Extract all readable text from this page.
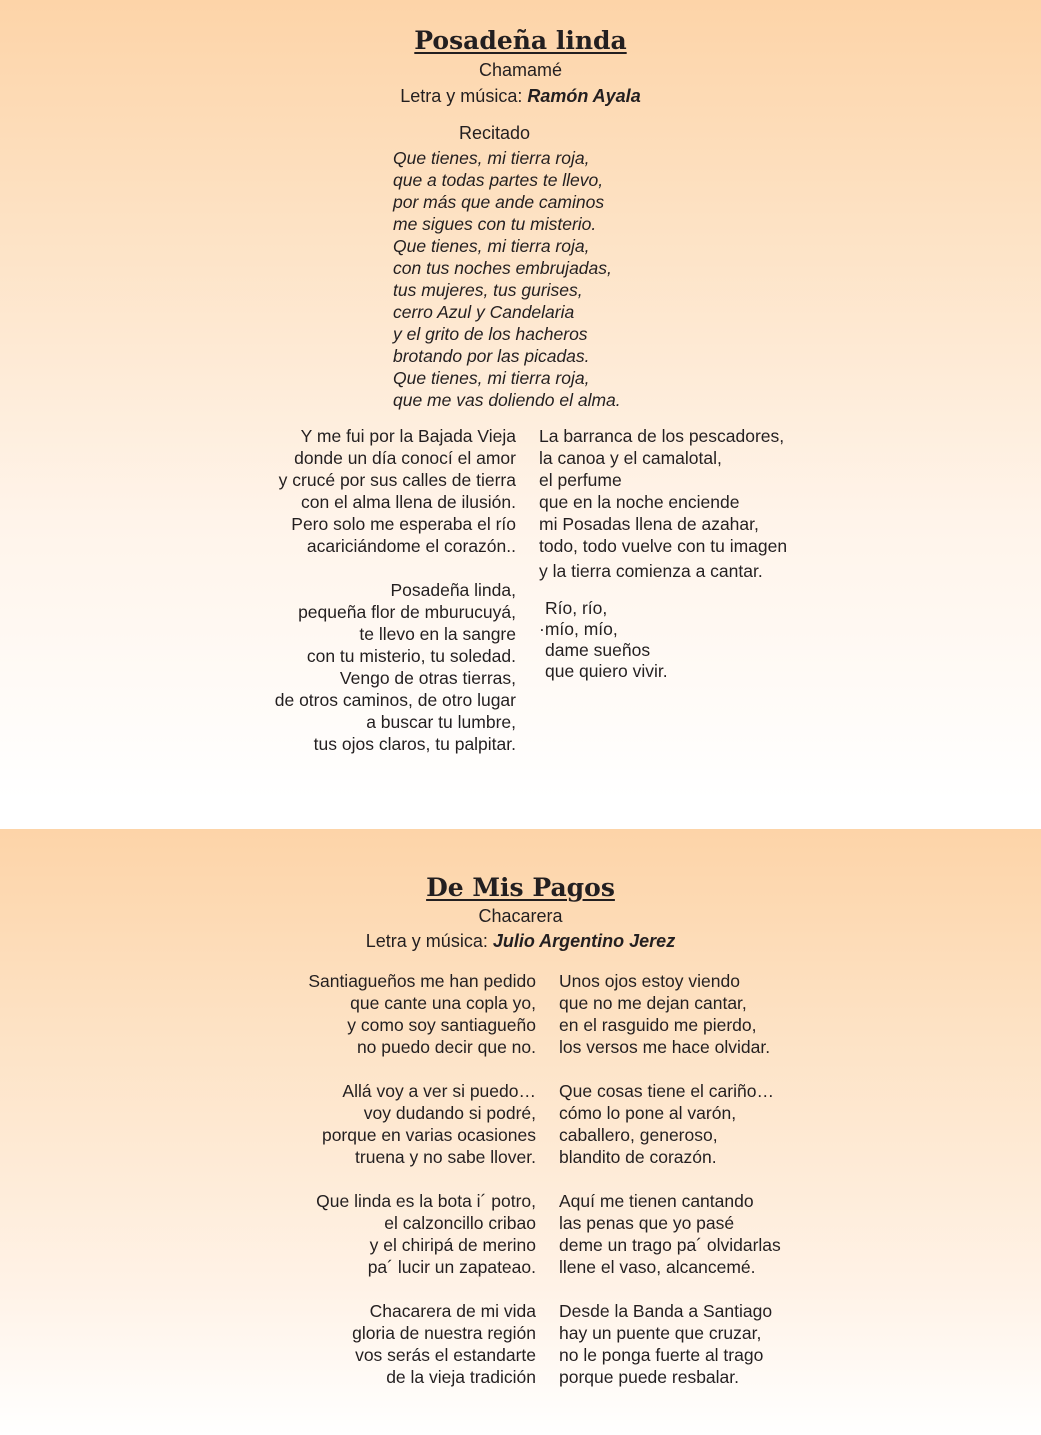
Posadeña linda
Chamamé
Letra y música: Ramón Ayala
Recitado
Que tienes, mi tierra roja,
que a todas partes te llevo,
por más que ande caminos
me sigues con tu misterio.
Que tienes, mi tierra roja,
con tus noches embrujadas,
tus mujeres, tus gurises,
cerro Azul y Candelaria
y el grito de los hacheros
brotando por las picadas.
Que tienes, mi tierra roja,
que me vas doliendo el alma.
Y me fui por la Bajada Vieja
donde un día conocí el amor
y crucé por sus calles de tierra
con el alma llena de ilusión.
Pero solo me esperaba el río
acariciándome el corazón..
Posadeña linda,
pequeña flor de mburucuyá,
te llevo en la sangre
con tu misterio, tu soledad.
Vengo de otras tierras,
de otros caminos, de otro lugar
a buscar tu lumbre,
tus ojos claros, tu palpitar.
La barranca de los pescadores,
la canoa y el camalotal,
el perfume
que en la noche enciende
mi Posadas llena de azahar,
todo, todo vuelve con tu imagen
y la tierra comienza a cantar.
Río, río,
·mío, mío,
dame sueños
que quiero vivir.
De Mis Pagos
Chacarera
Letra y música: Julio Argentino Jerez
Santiagueños me han pedido
que cante una copla yo,
y como soy santiagueño
no puedo decir que no.
Allá voy a ver si puedo…
voy dudando si podré,
porque en varias ocasiones
truena y no sabe llover.
Que linda es la bota i´ potro,
el calzoncillo cribao
y el chiripá de merino
pa´ lucir un zapateao.
Chacarera de mi vida
gloria de nuestra región
vos serás el estandarte
de la vieja tradición
Unos ojos estoy viendo
que no me dejan cantar,
en el rasguido me pierdo,
los versos me hace olvidar.
Que cosas tiene el cariño…
cómo lo pone al varón,
caballero, generoso,
blandito de corazón.
Aquí me tienen cantando
las penas que yo pasé
deme un trago pa´ olvidarlas
llene el vaso, alcancemé.
Desde la Banda a Santiago
hay un puente que cruzar,
no le ponga fuerte al trago
porque puede resbalar.
